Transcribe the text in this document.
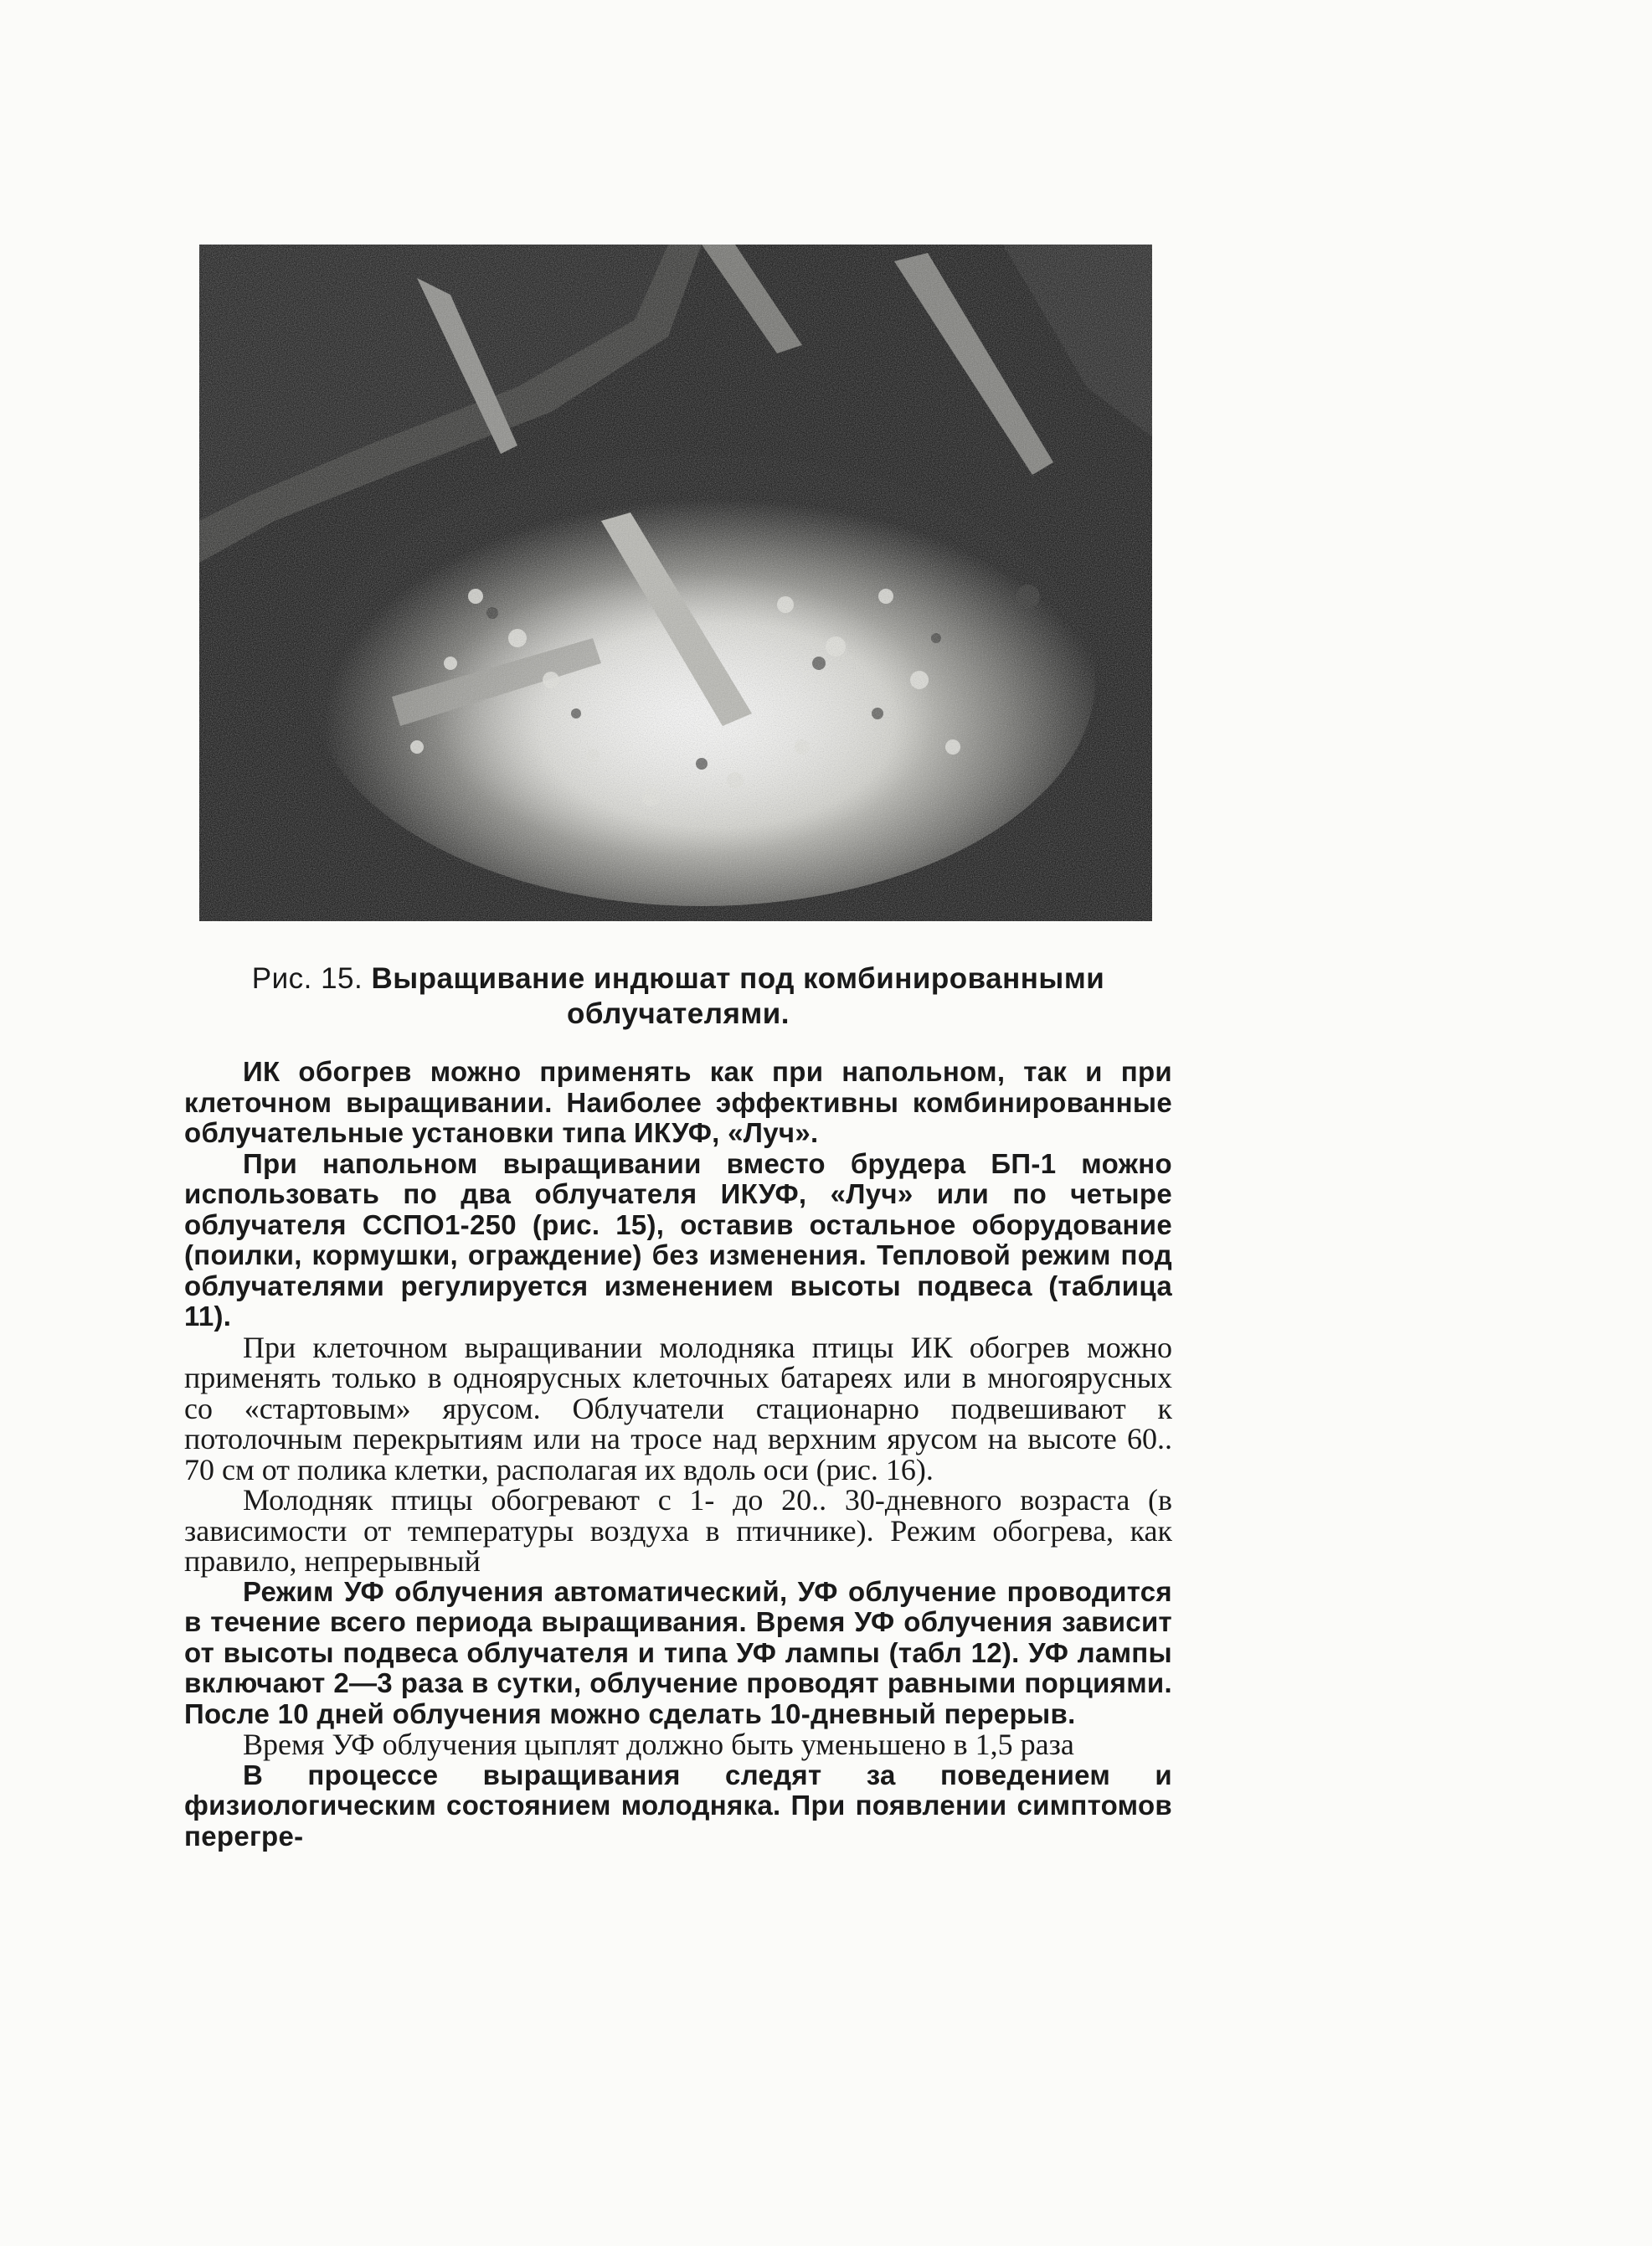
Рис. 15. Выращивание индюшат под комбинированными облучателями.

ИК обогрев можно применять как при напольном, так и при клеточном выращивании. Наиболее эффективны комбинированные облучательные установки типа ИКУФ, «Луч».

При напольном выращивании вместо брудера БП-1 можно использовать по два облучателя ИКУФ, «Луч» или по четыре облучателя ССПО1-250 (рис. 15), оставив остальное оборудование (поилки, кормушки, ограждение) без изменения. Тепловой режим под облучателями регулируется изменением высоты подвеса (таблица 11).

При клеточном выращивании молодняка птицы ИК обогрев можно применять только в одноярусных клеточных батареях или в многоярусных со «стартовым» ярусом. Облучатели стационарно подвешивают к потолочным перекрытиям или на тросе над верхним ярусом на высоте 60.. 70 см от полика клетки, располагая их вдоль оси (рис. 16).

Молодняк птицы обогревают с 1- до 20.. 30-дневного возраста (в зависимости от температуры воздуха в птичнике). Режим обогрева, как правило, непрерывный

Режим УФ облучения автоматический, УФ облучение проводится в течение всего периода выращивания. Время УФ облучения зависит от высоты подвеса облучателя и типа УФ лампы (табл 12). УФ лампы включают 2—3 раза в сутки, облучение проводят равными порциями. После 10 дней облучения можно сделать 10-дневный перерыв.

Время УФ облучения цыплят должно быть уменьшено в 1,5 раза

В процессе выращивания следят за поведением и физиологическим состоянием молодняка. При появлении симптомов перегре-
